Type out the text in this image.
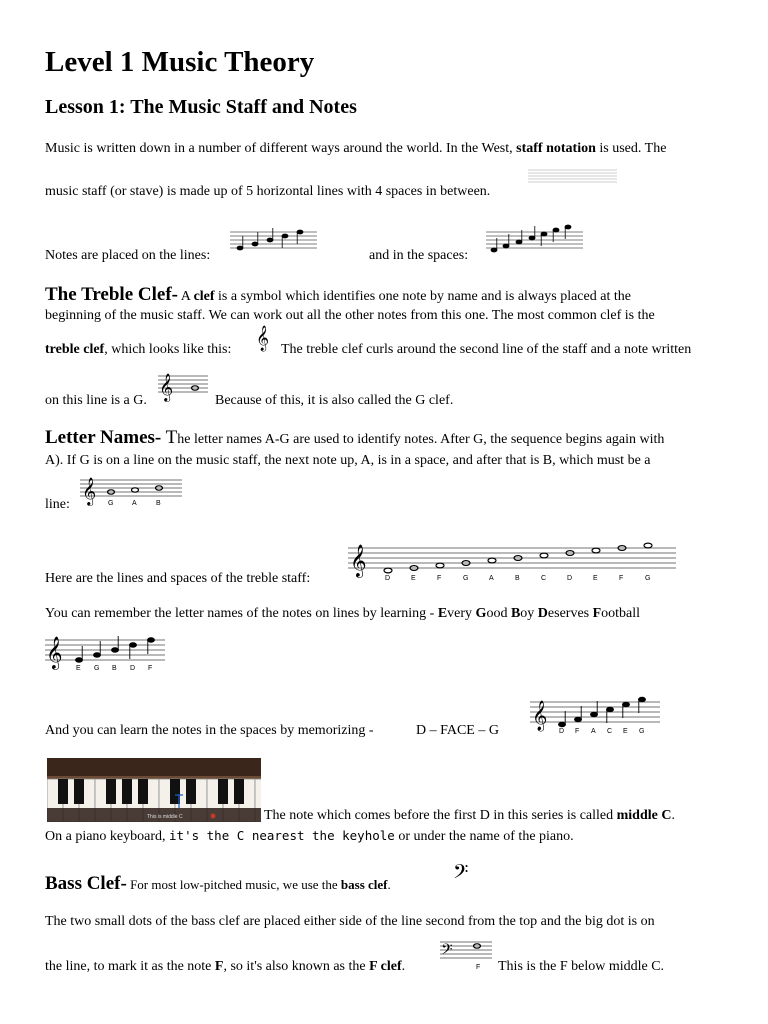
Level 1 Music Theory
Lesson 1: The Music Staff and Notes
Music is written down in a number of different ways around the world. In the West, staff notation is used. The
music staff (or stave) is made up of 5 horizontal lines with 4 spaces in between.
Notes are placed on the lines:	and in the spaces:
The Treble Clef- A clef is a symbol which identifies one note by name and is always placed at the
beginning of the music staff. We can work out all the other notes from this one. The most common clef is the
treble clef, which looks like this: 𝄞 The treble clef curls around the second line of the staff and a note written
on this line is a G. 𝄞	Because of this, it is also called the G clef.
Letter Names- The letter names A-G are used to identify notes. After G, the sequence begins again with
A). If G is on a line on the music staff, the next note up, A, is in a space, and after that is B, which must be a
line: 𝄞 G	A	B
Here are the lines and spaces of the treble staff:
𝄞
D	E	F	G	A	B	C	D	E	F	G
You can remember the letter names of the notes on lines by learning - Every Good Boy Deserves Football
𝄞 E G B D F
And you can learn the notes in the spaces by memorizing -	D – FACE – G 𝄞
D F A C E G
This is middle C	The note which comes before the first D in this series is called middle C.
On a piano keyboard, it's the C nearest the keyhole or under the name of the piano.
Bass Clef- For most low-pitched music, we use the bass clef.	𝄢
The two small dots of the bass clef are placed either side of the line second from the top and the big dot is on
the line, to mark it as the note F, so it's also known as the F clef.
𝄢
F This is the F below middle C.
